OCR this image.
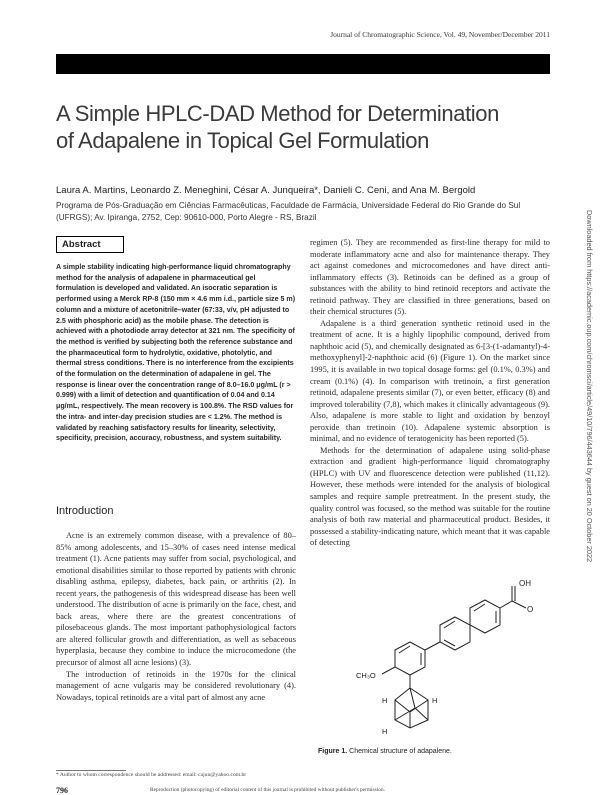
Journal of Chromatographic Science, Vol. 49, November/December 2011
A Simple HPLC-DAD Method for Determination
of Adapalene in Topical Gel Formulation
Laura A. Martins, Leonardo Z. Meneghini, César A. Junqueira*, Danieli C. Ceni, and Ana M. Bergold
Programa de Pós-Graduação em Ciências Farmacêuticas, Faculdade de Farmácia, Universidade Federal do Rio Grande do Sul (UFRGS); Av. Ipiranga, 2752, Cep: 90610-000, Porto Alegre - RS, Brazil
Abstract
A simple stability indicating high-performance liquid chromatography method for the analysis of adapalene in pharmaceutical gel formulation is developed and validated. An isocratic separation is performed using a Merck RP-8 (150 mm × 4.6 mm i.d., particle size 5 m) column and a mixture of acetonitrile–water (67:33, v/v, pH adjusted to 2.5 with phosphoric acid) as the mobile phase. The detection is achieved with a photodiode array detector at 321 nm. The specificity of the method is verified by subjecting both the reference substance and the pharmaceutical form to hydrolytic, oxidative, photolytic, and thermal stress conditions. There is no interference from the excipients of the formulation on the determination of adapalene in gel. The response is linear over the concentration range of 8.0–16.0 μg/mL (r > 0.999) with a limit of detection and quantification of 0.04 and 0.14 μg/mL, respectively. The mean recovery is 100.8%. The RSD values for the intra- and inter-day precision studies are < 1.2%. The method is validated by reaching satisfactory results for linearity, selectivity, specificity, precision, accuracy, robustness, and system suitability.
Introduction

Acne is an extremely common disease, with a prevalence of 80–85% among adolescents, and 15–30% of cases need intense medical treatment (1). Acne patients may suffer from social, psychological, and emotional disabilities similar to those reported by patients with chronic disabling asthma, epilepsy, diabetes, back pain, or arthritis (2). In recent years, the pathogenesis of this widespread disease has been well understood. The distribution of acne is primarily on the face, chest, and back areas, where there are the greatest concentrations of pilosebaceous glands. The most important pathophysiological factors are altered follicular growth and differentiation, as well as sebaceous hyperplasia, because they combine to induce the microcomedone (the precursor of almost all acne lesions) (3).

The introduction of retinoids in the 1970s for the clinical management of acne vulgaris may be considered revolutionary (4). Nowadays, topical retinoids are a vital part of almost any acne

regimen (5). They are recommended as first-line therapy for mild to moderate inflammatory acne and also for maintenance therapy. They act against comedones and microcomedones and have direct anti-inflammatory effects (3). Retinoids can be defined as a group of substances with the ability to bind retinoid receptors and activate the retinoid pathway. They are classified in three generations, based on their chemical structures (5).

Adapalene is a third generation synthetic retinoid used in the treatment of acne. It is a highly lipophilic compound, derived from naphthoic acid (5), and chemically designated as 6-[3-(1-adamantyl)-4-methoxyphenyl]-2-naphthoic acid (6) (Figure 1). On the market since 1995, it is available in two topical dosage forms: gel (0.1%, 0.3%) and cream (0.1%) (4). In comparison with tretinoin, a first generation retinoid, adapalene presents similar (7), or even better, efficacy (8) and improved tolerability (7,8), which makes it clinically advantageous (9). Also, adapalene is more stable to light and oxidation by benzoyl peroxide than tretinoin (10). Adapalene systemic absorption is minimal, and no evidence of teratogenicity has been reported (5).

Methods for the determination of adapalene using solid-phase extraction and gradient high-performance liquid chromatography (HPLC) with UV and fluorescence detection were published (11,12). However, these methods were intended for the analysis of biological samples and require sample pretreatment. In the present study, the quality control was focused, so the method was suitable for the routine analysis of both raw material and pharmaceutical product. Besides, it possessed a stability-indicating nature, which meant that it was capable of detecting	Downloaded from https://academic.oup.com/chromsci/article/49/10/796/443644 by guest on 20 October 2022
OH
O
CH₃O
H	H
H
Figure 1. Chemical structure of adapalene.
* Author to whom correspondence should be addressed: email: cajun@yahoo.com.br
796	Reproduction (photocopying) of editorial content of this journal is prohibited without publisher's permission.
